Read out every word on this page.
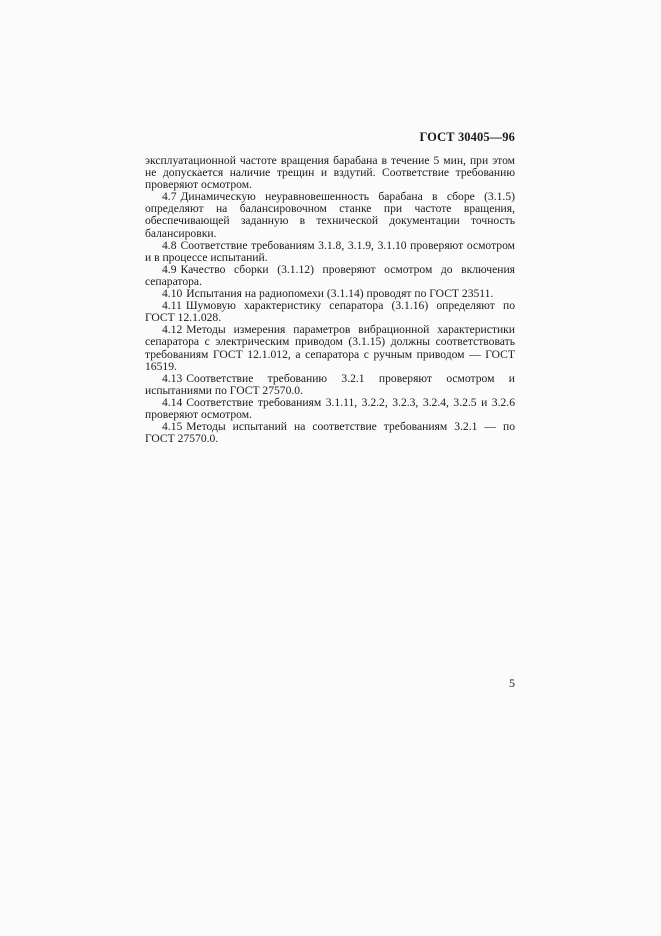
ГОСТ 30405—96

эксплуатационной частоте вращения барабана в течение 5 мин, при этом не допускается наличие трещин и вздутий. Соответствие требованию проверяют осмотром.

4.7 Динамическую неуравновешенность барабана в сборе (3.1.5) определяют на балансировочном станке при частоте вращения, обеспечивающей заданную в технической документации точность балансировки.

4.8 Соответствие требованиям 3.1.8, 3.1.9, 3.1.10 проверяют осмотром и в процессе испытаний.

4.9 Качество сборки (3.1.12) проверяют осмотром до включения сепаратора.

4.10 Испытания на радиопомехи (3.1.14) проводят по ГОСТ 23511.

4.11 Шумовую характеристику сепаратора (3.1.16) определяют по ГОСТ 12.1.028.

4.12 Методы измерения параметров вибрационной характеристики сепаратора с электрическим приводом (3.1.15) должны соответствовать требованиям ГОСТ 12.1.012, а сепаратора с ручным приводом — ГОСТ 16519.

4.13 Соответствие требованию 3.2.1 проверяют осмотром и испытаниями по ГОСТ 27570.0.

4.14 Соответствие требованиям 3.1.11, 3.2.2, 3.2.3, 3.2.4, 3.2.5 и 3.2.6 проверяют осмотром.

4.15 Методы испытаний на соответствие требованиям 3.2.1 — по ГОСТ 27570.0.

5
